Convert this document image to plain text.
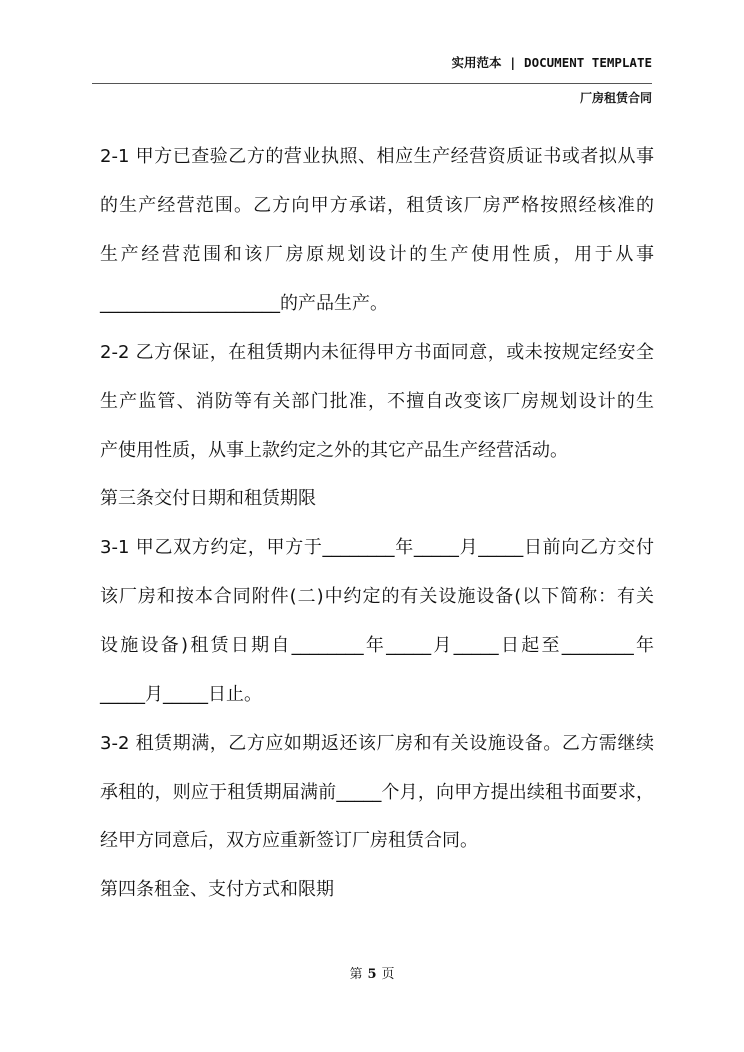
实用范本 | DOCUMENT TEMPLATE
厂房租赁合同
2-1 甲方已查验乙方的营业执照、相应生产经营资质证书或者拟从事
的生产经营范围。乙方向甲方承诺，租赁该厂房严格按照经核准的
生产经营范围和该厂房原规划设计的生产使用性质，用于从事
____________________的产品生产。
2-2 乙方保证，在租赁期内未征得甲方书面同意，或未按规定经安全
生产监管、消防等有关部门批准，不擅自改变该厂房规划设计的生
产使用性质，从事上款约定之外的其它产品生产经营活动。
第三条交付日期和租赁期限
3-1 甲乙双方约定，甲方于________年_____月_____日前向乙方交付
该厂房和按本合同附件(二)中约定的有关设施设备(以下简称：有关
设施设备)租赁日期自________年_____月_____日起至________年
_____月_____日止。
3-2 租赁期满，乙方应如期返还该厂房和有关设施设备。乙方需继续
承租的，则应于租赁期届满前_____个月，向甲方提出续租书面要求，
经甲方同意后，双方应重新签订厂房租赁合同。
第四条租金、支付方式和限期
第 5 页
